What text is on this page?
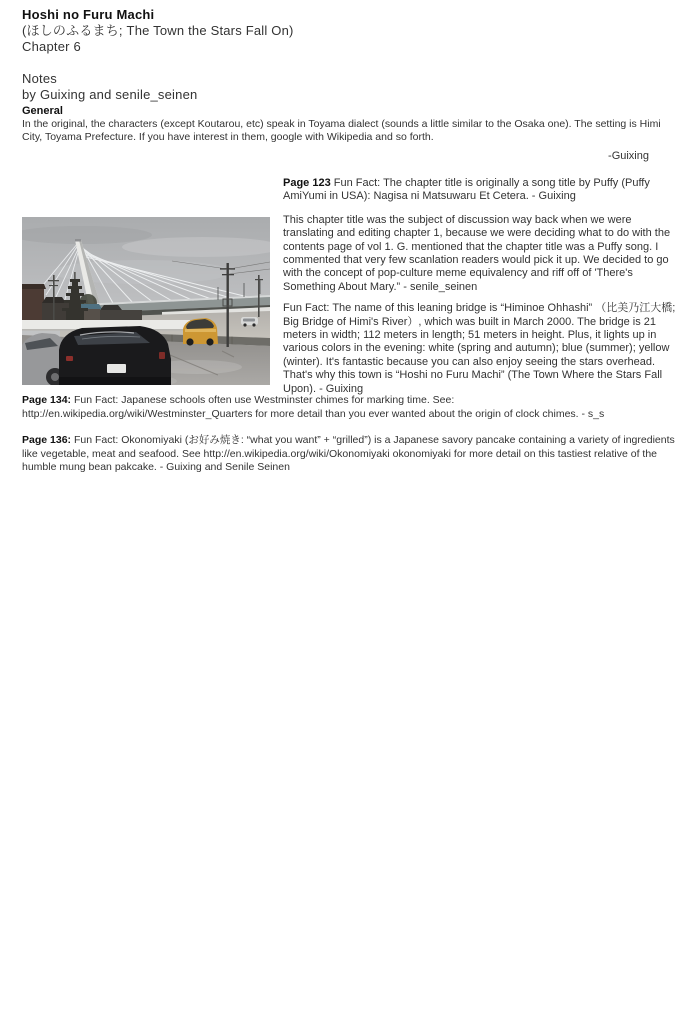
Hoshi no Furu Machi
(ほしのふるまち; The Town the Stars Fall On)
Chapter 6
Notes
by Guixing and senile_seinen
General

In the original, the characters (except Koutarou, etc) speak in Toyama dialect (sounds a little similar to the Osaka one). The setting is Himi City, Toyama Prefecture. If you have interest in them, google with Wikipedia and so forth.

-Guixing

Page 123 Fun Fact: The chapter title is originally a song title by Puffy (Puffy AmiYumi in USA): Nagisa ni Matsuwaru Et Cetera. - Guixing

This chapter title was the subject of discussion way back when we were translating and editing chapter 1, because we were deciding what to do with the contents page of vol 1. G. mentioned that the chapter title was a Puffy song. I commented that very few scanlation readers would pick it up. We decided to go with the concept of pop-culture meme equivalency and riff off of 'There's Something About Mary.” - senile_seinen

Fun Fact: The name of this leaning bridge is “Himinoe Ohhashi” （比美乃江大橋; Big Bridge of Himi's River）, which was built in March 2000. The bridge is 21 meters in width; 112 meters in length; 51 meters in height. Plus, it lights up in various colors in the evening: white (spring and autumn); blue (summer); yellow (winter). It's fantastic because you can also enjoy seeing the stars overhead. That's why this town is “Hoshi no Furu Machi” (The Town Where the Stars Fall Upon). - Guixing

Page 134: Fun Fact: Japanese schools often use Westminster chimes for marking time. See: http://en.wikipedia.org/wiki/Westminster_Quarters for more detail than you ever wanted about the origin of clock chimes. - s_s

Page 136: Fun Fact: Okonomiyaki (お好み焼き: “what you want” + “grilled”) is a Japanese savory pancake containing a variety of ingredients like vegetable, meat and seafood. See http://en.wikipedia.org/wiki/Okonomiyaki okonomiyaki for more detail on this tastiest relative of the humble mung bean pakcake. - Guixing and Senile Seinen
